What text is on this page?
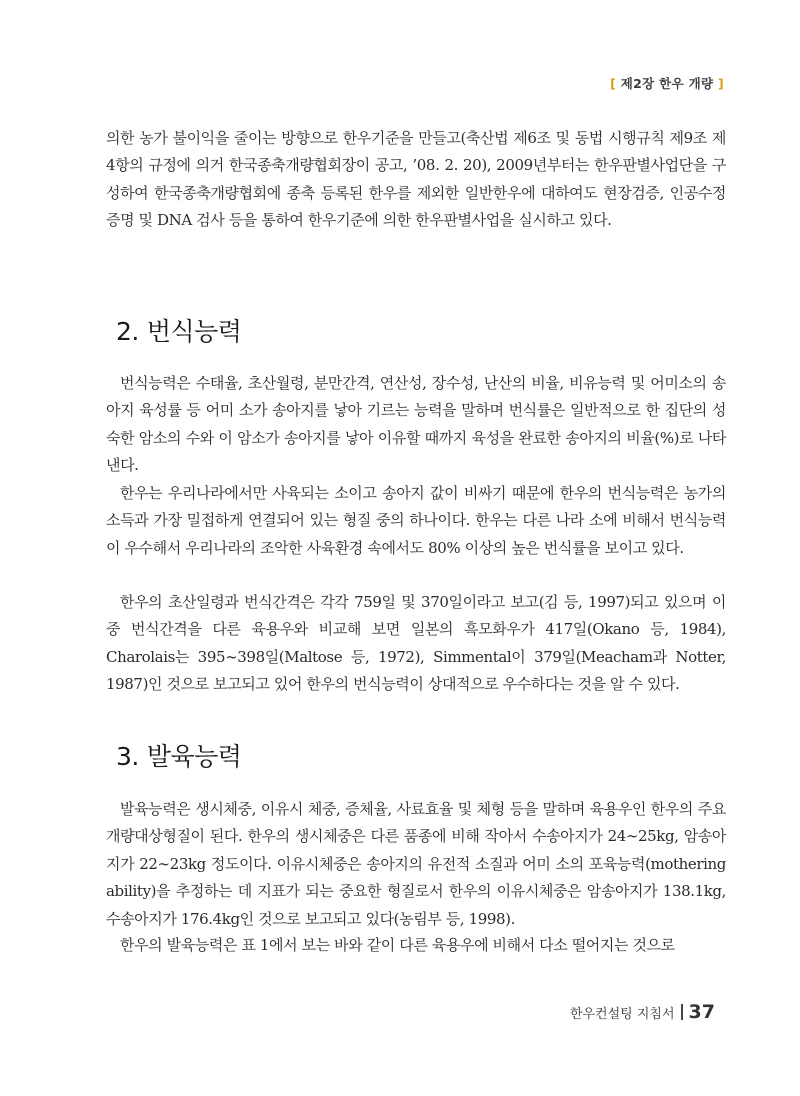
[ 제2장 한우 개량 ]

의한 농가 불이익을 줄이는 방향으로 한우기준을 만들고(축산법 제6조 및 동법 시행규칙 제9조 제4항의 규정에 의거 한국종축개량협회장이 공고, ’08. 2. 20), 2009년부터는 한우판별사업단을 구성하여 한국종축개량협회에 종축 등록된 한우를 제외한 일반한우에 대하여도 현장검증, 인공수정증명 및 DNA 검사 등을 통하여 한우기준에 의한 한우판별사업을 실시하고 있다.

2. 번식능력

번식능력은 수태율, 초산월령, 분만간격, 연산성, 장수성, 난산의 비율, 비유능력 및 어미소의 송아지 육성률 등 어미 소가 송아지를 낳아 기르는 능력을 말하며 번식률은 일반적으로 한 집단의 성숙한 암소의 수와 이 암소가 송아지를 낳아 이유할 때까지 육성을 완료한 송아지의 비율(%)로 나타낸다.

한우는 우리나라에서만 사육되는 소이고 송아지 값이 비싸기 때문에 한우의 번식능력은 농가의 소득과 가장 밀접하게 연결되어 있는 형질 중의 하나이다. 한우는 다른 나라 소에 비해서 번식능력이 우수해서 우리나라의 조악한 사육환경 속에서도 80% 이상의 높은 번식률을 보이고 있다.

한우의 초산일령과 번식간격은 각각 759일 및 370일이라고 보고(김 등, 1997)되고 있으며 이 중 번식간격을 다른 육용우와 비교해 보면 일본의 흑모화우가 417일(Okano 등, 1984), Charolais는 395∼398일(Maltose 등, 1972), Simmental이 379일(Meacham과 Notter, 1987)인 것으로 보고되고 있어 한우의 번식능력이 상대적으로 우수하다는 것을 알 수 있다.

3. 발육능력

발육능력은 생시체중, 이유시 체중, 증체율, 사료효율 및 체형 등을 말하며 육용우인 한우의 주요 개량대상형질이 된다. 한우의 생시체중은 다른 품종에 비해 작아서 수송아지가 24∼25kg, 암송아지가 22∼23kg 정도이다. 이유시체중은 송아지의 유전적 소질과 어미 소의 포육능력(mothering ability)을 추정하는 데 지표가 되는 중요한 형질로서 한우의 이유시체중은 암송아지가 138.1kg, 수송아지가 176.4kg인 것으로 보고되고 있다(농림부 등, 1998).

한우의 발육능력은 표 1에서 보는 바와 같이 다른 육용우에 비해서 다소 떨어지는 것으로

한우컨설팅 지침서 37
